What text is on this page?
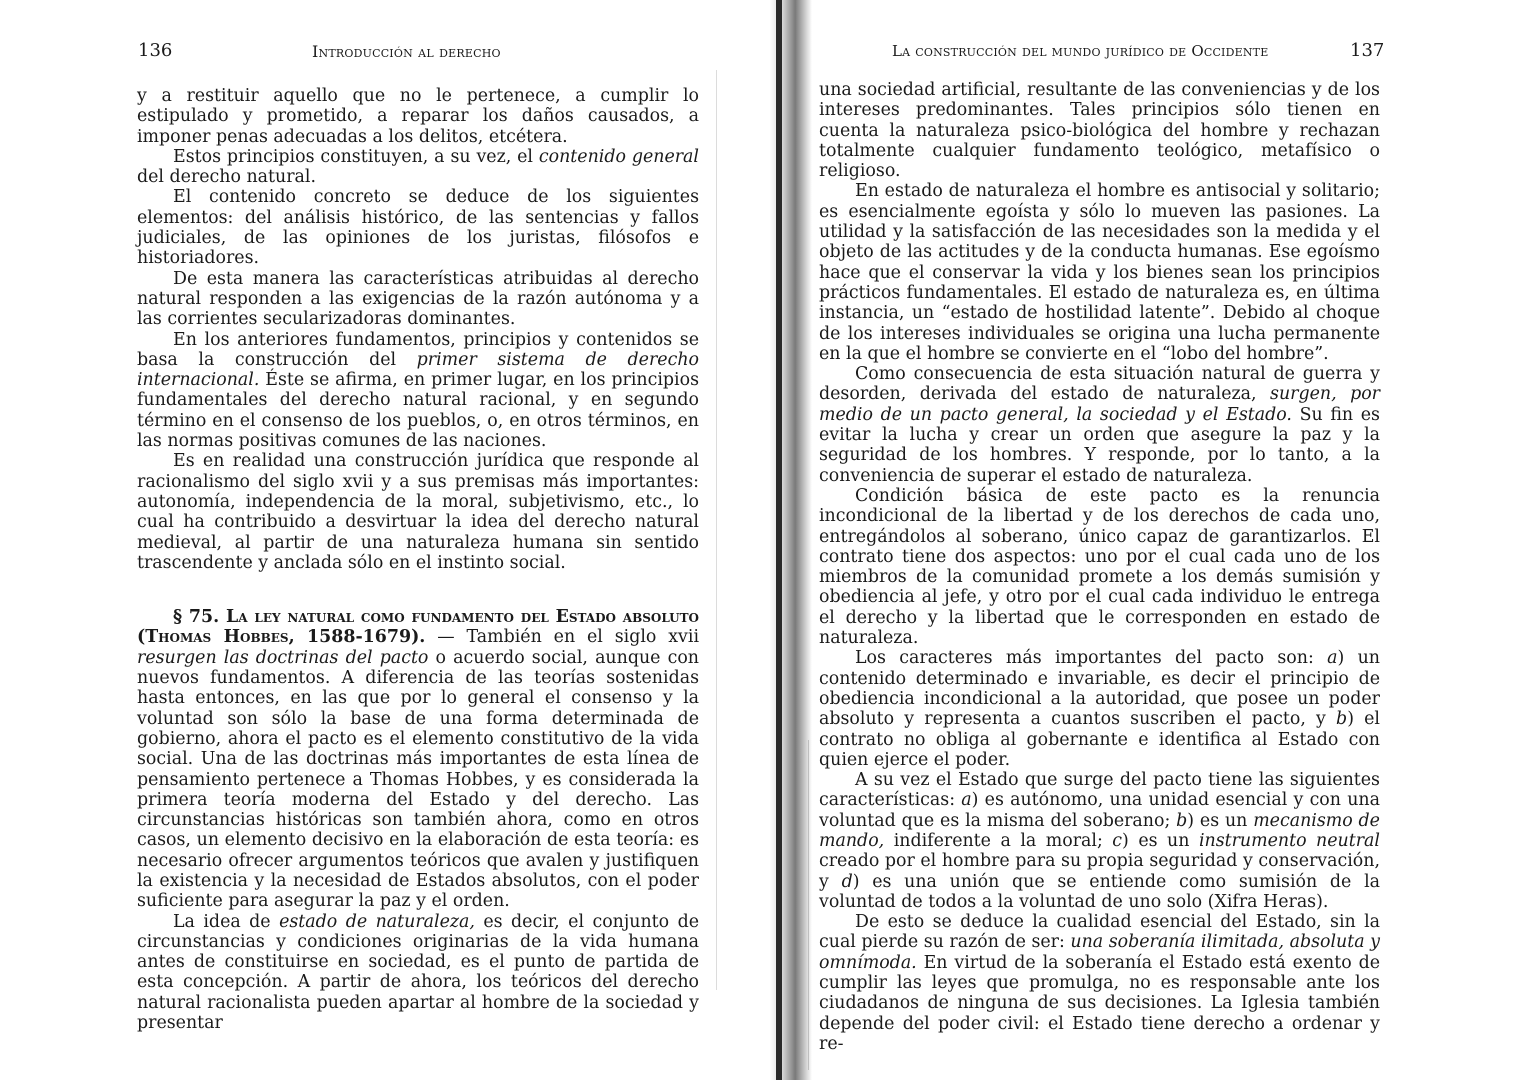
136	Introducción al derecho

y a restituir aquello que no le pertenece, a cumplir lo estipulado y prometido, a reparar los daños causados, a imponer penas adecuadas a los delitos, etcétera.

Estos principios constituyen, a su vez, el contenido general del derecho natural.

El contenido concreto se deduce de los siguientes elementos: del análisis histórico, de las sentencias y fallos judiciales, de las opiniones de los juristas, filósofos e historiadores.

De esta manera las características atribuidas al derecho natural responden a las exigencias de la razón autónoma y a las corrientes secularizadoras dominantes.

En los anteriores fundamentos, principios y contenidos se basa la construcción del primer sistema de derecho internacional. Éste se afirma, en primer lugar, en los principios fundamentales del derecho natural racional, y en segundo término en el consenso de los pueblos, o, en otros términos, en las normas positivas comunes de las naciones.

Es en realidad una construcción jurídica que responde al racionalismo del siglo xvii y a sus premisas más importantes: autonomía, independencia de la moral, subjetivismo, etc., lo cual ha contribuido a desvirtuar la idea del derecho natural medieval, al partir de una naturaleza humana sin sentido trascendente y anclada sólo en el instinto social.

§ 75. La ley natural como fundamento del Estado absoluto (Thomas Hobbes, 1588-1679). — También en el siglo xvii resurgen las doctrinas del pacto o acuerdo social, aunque con nuevos fundamentos. A diferencia de las teorías sostenidas hasta entonces, en las que por lo general el consenso y la voluntad son sólo la base de una forma determinada de gobierno, ahora el pacto es el elemento constitutivo de la vida social. Una de las doctrinas más importantes de esta línea de pensamiento pertenece a Thomas Hobbes, y es considerada la primera teoría moderna del Estado y del derecho. Las circunstancias históricas son también ahora, como en otros casos, un elemento decisivo en la elaboración de esta teoría: es necesario ofrecer argumentos teóricos que avalen y justifiquen la existencia y la necesidad de Estados absolutos, con el poder suficiente para asegurar la paz y el orden.

La idea de estado de naturaleza, es decir, el conjunto de circunstancias y condiciones originarias de la vida humana antes de constituirse en sociedad, es el punto de partida de esta concepción. A partir de ahora, los teóricos del derecho natural racionalista pueden apartar al hombre de la sociedad y presentar

La construcción del mundo jurídico de Occidente	137

una sociedad artificial, resultante de las conveniencias y de los intereses predominantes. Tales principios sólo tienen en cuenta la naturaleza psico-biológica del hombre y rechazan totalmente cualquier fundamento teológico, metafísico o religioso.

En estado de naturaleza el hombre es antisocial y solitario; es esencialmente egoísta y sólo lo mueven las pasiones. La utilidad y la satisfacción de las necesidades son la medida y el objeto de las actitudes y de la conducta humanas. Ese egoísmo hace que el conservar la vida y los bienes sean los principios prácticos fundamentales. El estado de naturaleza es, en última instancia, un “estado de hostilidad latente”. Debido al choque de los intereses individuales se origina una lucha permanente en la que el hombre se convierte en el “lobo del hombre”.

Como consecuencia de esta situación natural de guerra y desorden, derivada del estado de naturaleza, surgen, por medio de un pacto general, la sociedad y el Estado. Su fin es evitar la lucha y crear un orden que asegure la paz y la seguridad de los hombres. Y responde, por lo tanto, a la conveniencia de superar el estado de naturaleza.

Condición básica de este pacto es la renuncia incondicional de la libertad y de los derechos de cada uno, entregándolos al soberano, único capaz de garantizarlos. El contrato tiene dos aspectos: uno por el cual cada uno de los miembros de la comunidad promete a los demás sumisión y obediencia al jefe, y otro por el cual cada individuo le entrega el derecho y la libertad que le corresponden en estado de naturaleza.

Los caracteres más importantes del pacto son: a) un contenido determinado e invariable, es decir el principio de obediencia incondicional a la autoridad, que posee un poder absoluto y representa a cuantos suscriben el pacto, y b) el contrato no obliga al gobernante e identifica al Estado con quien ejerce el poder.

A su vez el Estado que surge del pacto tiene las siguientes características: a) es autónomo, una unidad esencial y con una voluntad que es la misma del soberano; b) es un mecanismo de mando, indiferente a la moral; c) es un instrumento neutral creado por el hombre para su propia seguridad y conservación, y d) es una unión que se entiende como sumisión de la voluntad de todos a la voluntad de uno solo (Xifra Heras).

De esto se deduce la cualidad esencial del Estado, sin la cual pierde su razón de ser: una soberanía ilimitada, absoluta y omnímoda. En virtud de la soberanía el Estado está exento de cumplir las leyes que promulga, no es responsable ante los ciudadanos de ninguna de sus decisiones. La Iglesia también depende del poder civil: el Estado tiene derecho a ordenar y re-
